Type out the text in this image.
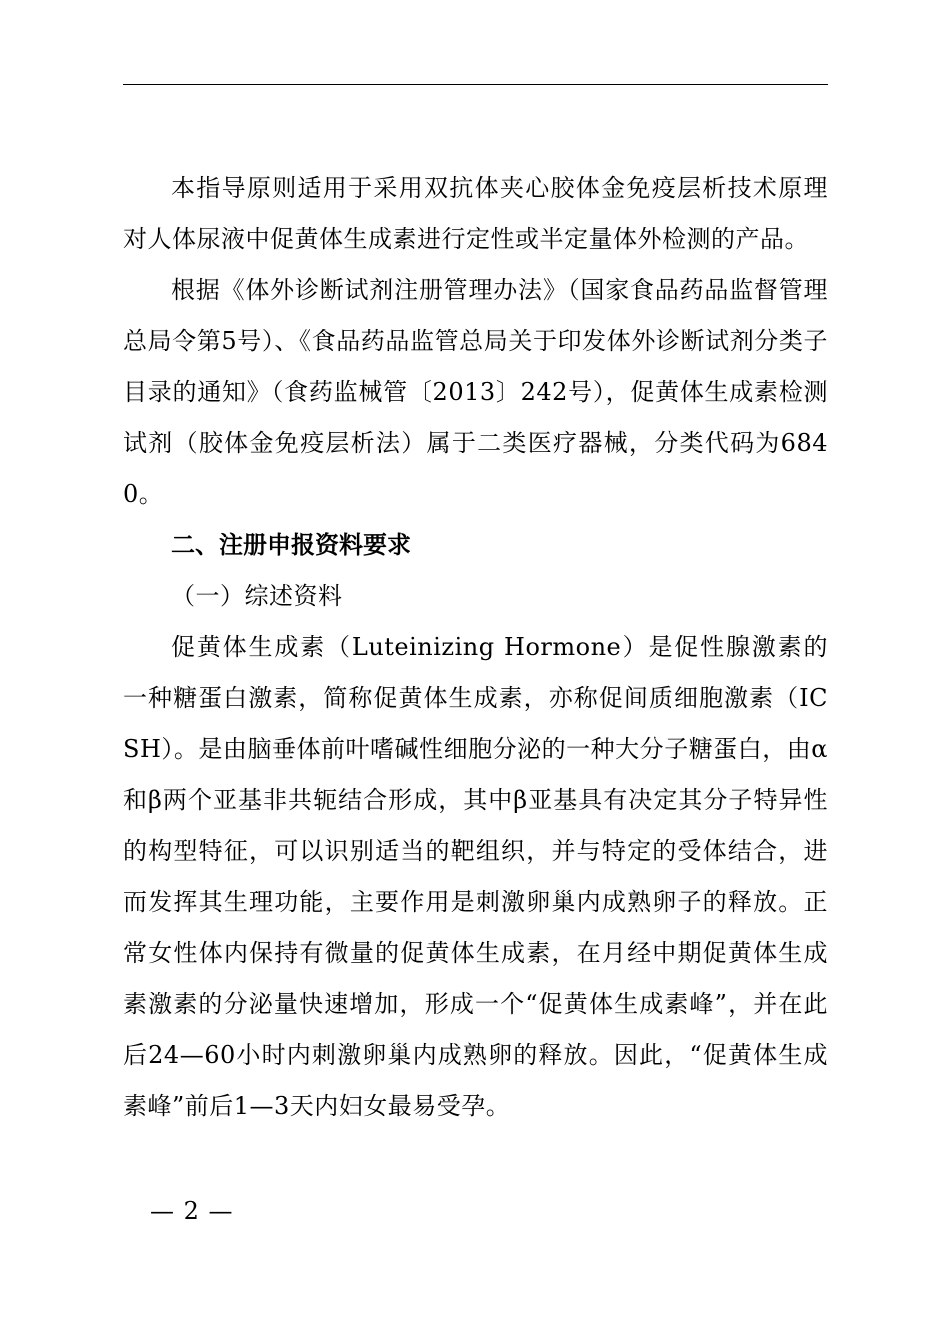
本指导原则适用于采用双抗体夹心胶体金免疫层析技术原理对人体尿液中促黄体生成素进行定性或半定量体外检测的产品。

根据《体外诊断试剂注册管理办法》（国家食品药品监督管理总局令第5号）、《食品药品监管总局关于印发体外诊断试剂分类子目录的通知》（食药监械管〔2013〕242号），促黄体生成素检测试剂（胶体金免疫层析法）属于二类医疗器械，分类代码为6840。

二、注册申报资料要求

（一）综述资料

促黄体生成素（Luteinizing Hormone）是促性腺激素的一种糖蛋白激素，简称促黄体生成素，亦称促间质细胞激素（ICSH）。是由脑垂体前叶嗜碱性细胞分泌的一种大分子糖蛋白，由α和β两个亚基非共轭结合形成，其中β亚基具有决定其分子特异性的构型特征，可以识别适当的靶组织，并与特定的受体结合，进而发挥其生理功能，主要作用是刺激卵巢内成熟卵子的释放。正常女性体内保持有微量的促黄体生成素，在月经中期促黄体生成素激素的分泌量快速增加，形成一个“促黄体生成素峰”，并在此后24—60小时内刺激卵巢内成熟卵的释放。因此，“促黄体生成素峰”前后1—3天内妇女最易受孕。

— 2 —
